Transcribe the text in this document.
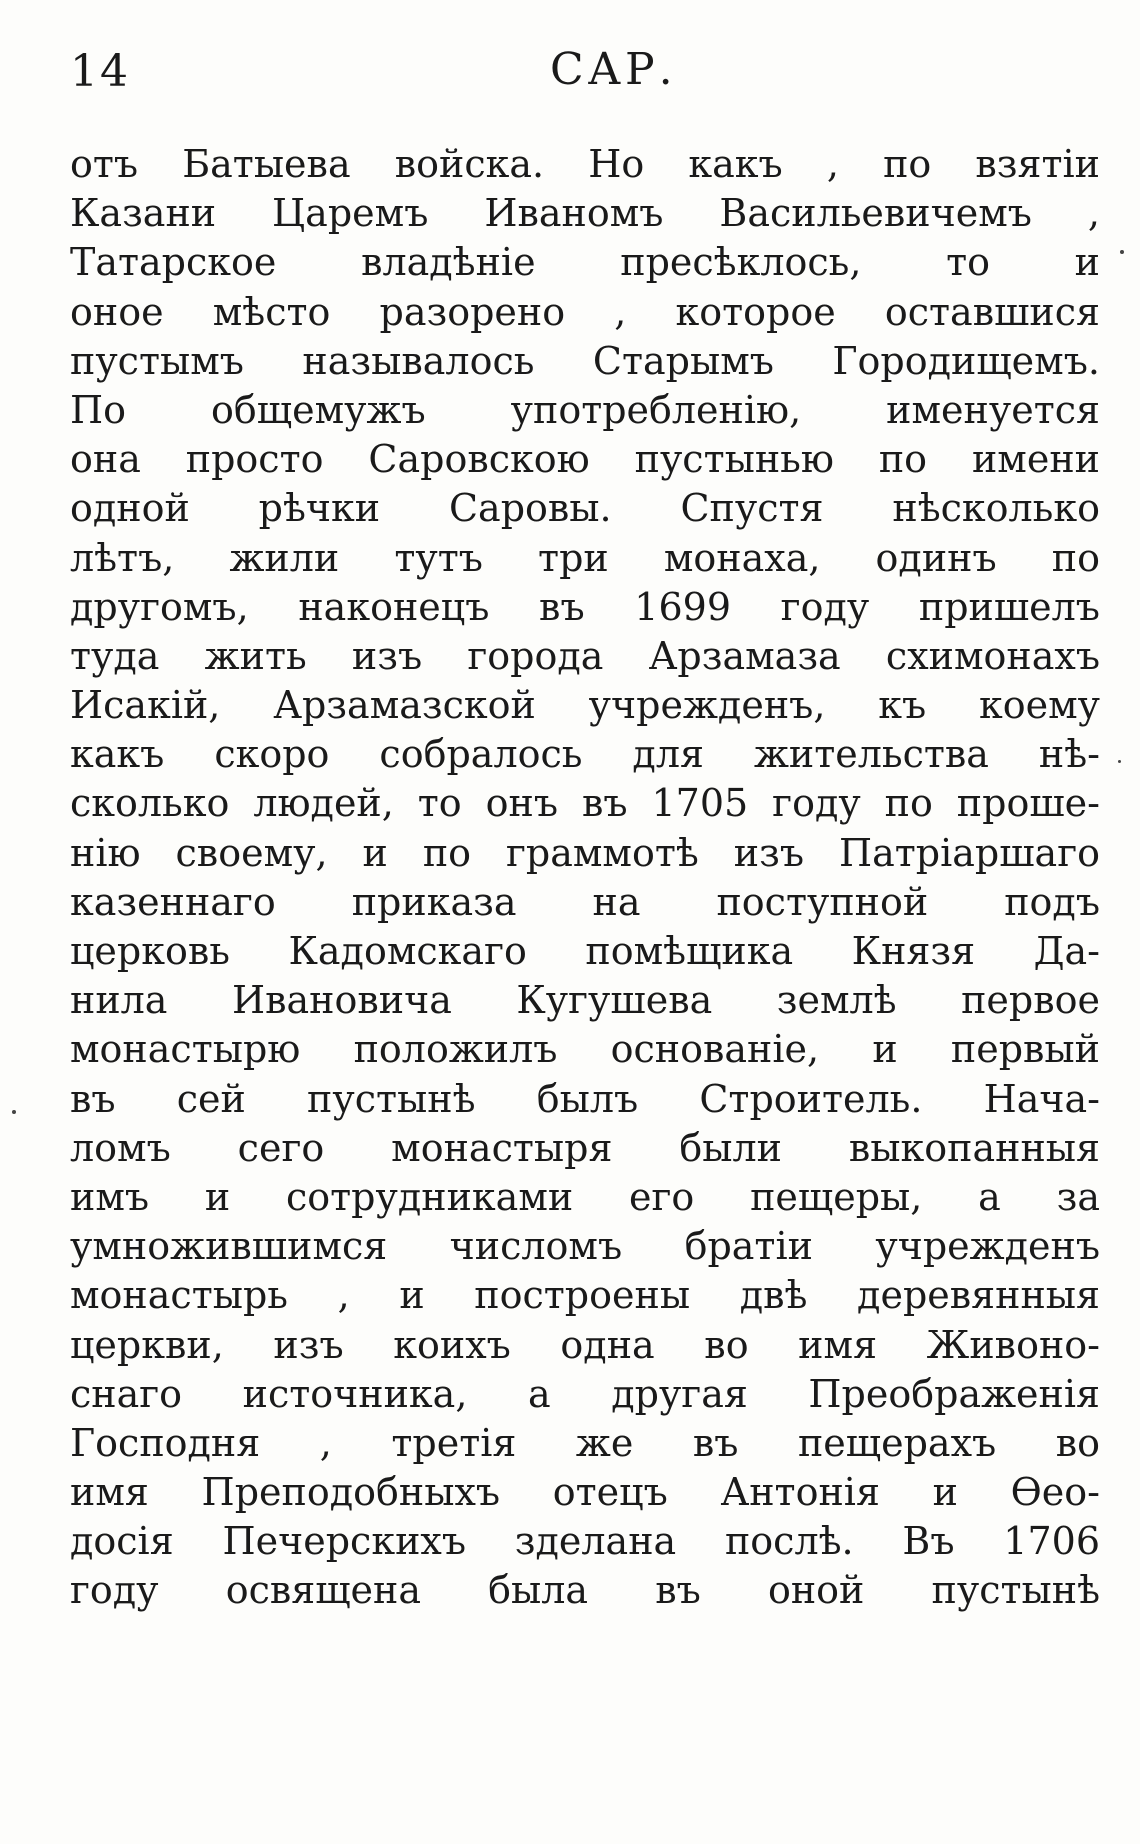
14	САР.
отъ Батыева войска. Но какъ , по взятіи
Казани Царемъ Иваномъ Васильевичемъ ,
Татарское владѣніе пресѣклось, то и
оное мѣсто разорено , которое оставшися
пустымъ называлось Старымъ Городищемъ.
По общемужъ употребленію, именуется
она просто Саровскою пустынью по имени
одной рѣчки Саровы. Спустя нѣсколько
лѣтъ, жили тутъ три монаха, одинъ по
другомъ, наконецъ въ 1699 году пришелъ
туда жить изъ города Арзамаза схимонахъ
Исакій, Арзамазской учрежденъ, къ коему
какъ скоро собралось для жительства нѣ-
сколько людей, то онъ въ 1705 году по проше-
нію своему, и по граммотѣ изъ Патріаршаго
казеннаго приказа на поступной подъ
церковь Кадомскаго помѣщика Князя Да-
нила Ивановича Кугушева землѣ первое
монастырю положилъ основаніе, и первый
въ сей пустынѣ былъ Строитель. Нача-
ломъ сего монастыря были выкопанныя
имъ и сотрудниками его пещеры, а за
умножившимся числомъ братіи учрежденъ
монастырь , и построены двѣ деревянныя
церкви, изъ коихъ одна во имя Живоно-
снаго источника, а другая Преображенія
Господня , третія же въ пещерахъ во
имя Преподобныхъ отецъ Антонія и Өео-
досія Печерскихъ зделана послѣ. Въ 1706
году освящена была въ оной пустынѣ
